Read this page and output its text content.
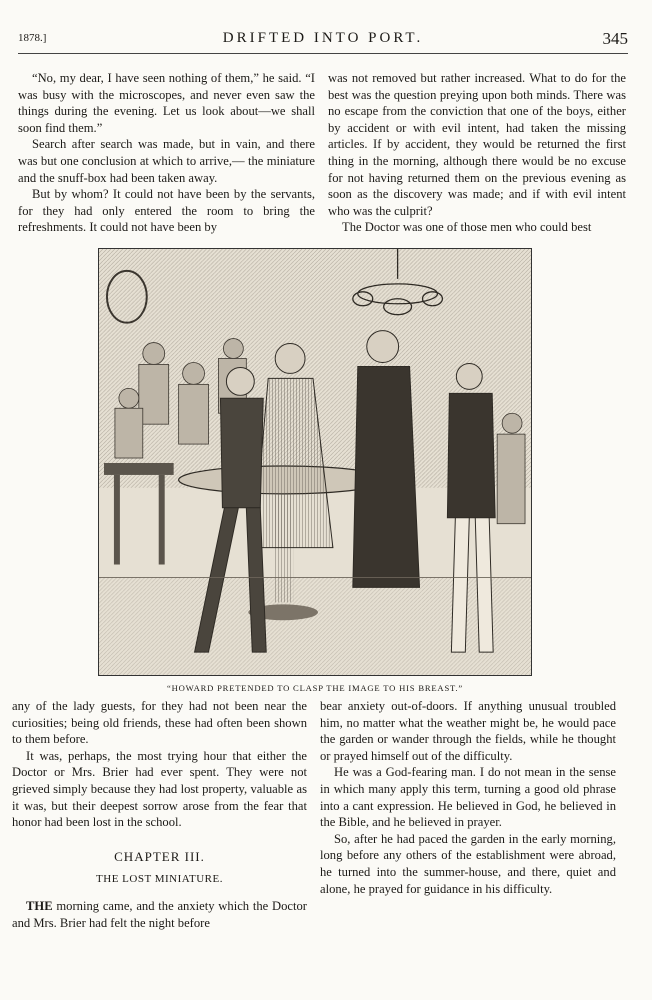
1878.]	DRIFTED INTO PORT.	345

“No, my dear, I have seen nothing of them,” he said. “I was busy with the microscopes, and never even saw the things during the evening. Let us look about—we shall soon find them.”

Search after search was made, but in vain, and there was but one conclusion at which to arrive,— the miniature and the snuff-box had been taken away.

But by whom? It could not have been by the servants, for they had only entered the room to bring the refreshments. It could not have been by

was not removed but rather increased. What to do for the best was the question preying upon both minds. There was no escape from the conviction that one of the boys, either by accident or with evil intent, had taken the missing articles. If by accident, they would be returned the first thing in the morning, although there would be no excuse for not having returned them on the previous evening as soon as the discovery was made; and if with evil intent who was the culprit?

The Doctor was one of those men who could best

“HOWARD PRETENDED TO CLASP THE IMAGE TO HIS BREAST.”

any of the lady guests, for they had not been near the curiosities; being old friends, these had often been shown to them before.

It was, perhaps, the most trying hour that either the Doctor or Mrs. Brier had ever spent. They were not grieved simply because they had lost property, valuable as it was, but their deepest sorrow arose from the fear that honor had been lost in the school.

CHAPTER III.
THE LOST MINIATURE.

THE morning came, and the anxiety which the Doctor and Mrs. Brier had felt the night before

bear anxiety out-of-doors. If anything unusual troubled him, no matter what the weather might be, he would pace the garden or wander through the fields, while he thought or prayed himself out of the difficulty.

He was a God-fearing man. I do not mean in the sense in which many apply this term, turning a good old phrase into a cant expression. He believed in God, he believed in the Bible, and he believed in prayer.

So, after he had paced the garden in the early morning, long before any others of the establishment were abroad, he turned into the summer-house, and there, quiet and alone, he prayed for guidance in his difficulty.
